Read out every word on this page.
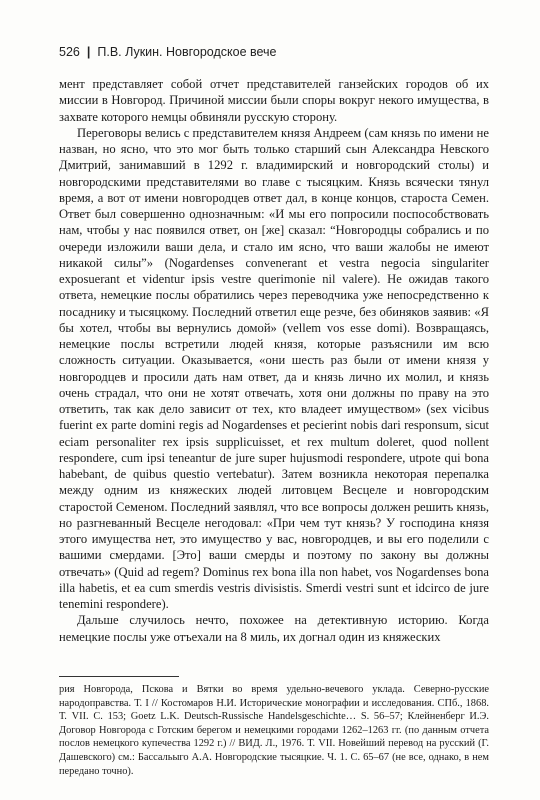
526 | П.В. Лукин. Новгородское вече

мент представляет собой отчет представителей ганзейских городов об их миссии в Новгород. Причиной миссии были споры вокруг некого имущества, в захвате которого немцы обвиняли русскую сторону.

Переговоры велись с представителем князя Андреем (сам князь по имени не назван, но ясно, что это мог быть только старший сын Александра Невского Дмитрий, занимавший в 1292 г. владимирский и новгородский столы) и новгородскими представителями во главе с тысяцким. Князь всячески тянул время, а вот от имени новгородцев ответ дал, в конце концов, староста Семен. Ответ был совершенно однозначным: «И мы его попросили поспособствовать нам, чтобы у нас появился ответ, он [же] сказал: “Новгородцы собрались и по очереди изложили ваши дела, и стало им ясно, что ваши жалобы не имеют никакой силы”» (Nogardenses convenerant et vestra negocia singulariter exposuerant et videntur ipsis vestre querimonie nil valere). Не ожидав такого ответа, немецкие послы обратились через переводчика уже непосредственно к посаднику и тысяцкому. Последний ответил еще резче, без обиняков заявив: «Я бы хотел, чтобы вы вернулись домой» (vellem vos esse domi). Возвращаясь, немецкие послы встретили людей князя, которые разъяснили им всю сложность ситуации. Оказывается, «они шесть раз были от имени князя у новгородцев и просили дать нам ответ, да и князь лично их молил, и князь очень страдал, что они не хотят отвечать, хотя они должны по праву на это ответить, так как дело зависит от тех, кто владеет имуществом» (sex vicibus fuerint ex parte domini regis ad Nogardenses et pecierint nobis dari responsum, sicut eciam personaliter rex ipsis supplicuisset, et rex multum doleret, quod nollent respondere, cum ipsi teneantur de jure super hujusmodi respondere, utpote qui bona habebant, de quibus questio vertebatur). Затем возникла некоторая перепалка между одним из княжеских людей литовцем Весцеле и новгородским старостой Семеном. Последний заявлял, что все вопросы должен решить князь, но разгневанный Весцеле негодовал: «При чем тут князь? У господина князя этого имущества нет, это имущество у вас, новгородцев, и вы его поделили с вашими смердами. [Это] ваши смерды и поэтому по закону вы должны отвечать» (Quid ad regem? Dominus rex bona illa non habet, vos Nogardenses bona illa habetis, et ea cum smerdis vestris divisistis. Smerdi vestri sunt et idcirco de jure tenemini respondere).

Дальше случилось нечто, похожее на детективную историю. Когда немецкие послы уже отъехали на 8 миль, их догнал один из княжеских

рия Новгорода, Пскова и Вятки во время удельно-вечевого уклада. Северно-русские народоправства. Т. I // Костомаров Н.И. Исторические монографии и исследования. СПб., 1868. Т. VII. С. 153; Goetz L.K. Deutsch-Russische Handelsgeschichte… S. 56–57; Клейненберг И.Э. Договор Новгорода с Готским берегом и немецкими городами 1262–1263 гг. (по данным отчета послов немецкого купечества 1292 г.) // ВИД. Л., 1976. Т. VII. Новейший перевод на русский (Г. Дашевского) см.: Бассальыго А.А. Новгородские тысяцкие. Ч. 1. С. 65–67 (не все, однако, в нем передано точно).
